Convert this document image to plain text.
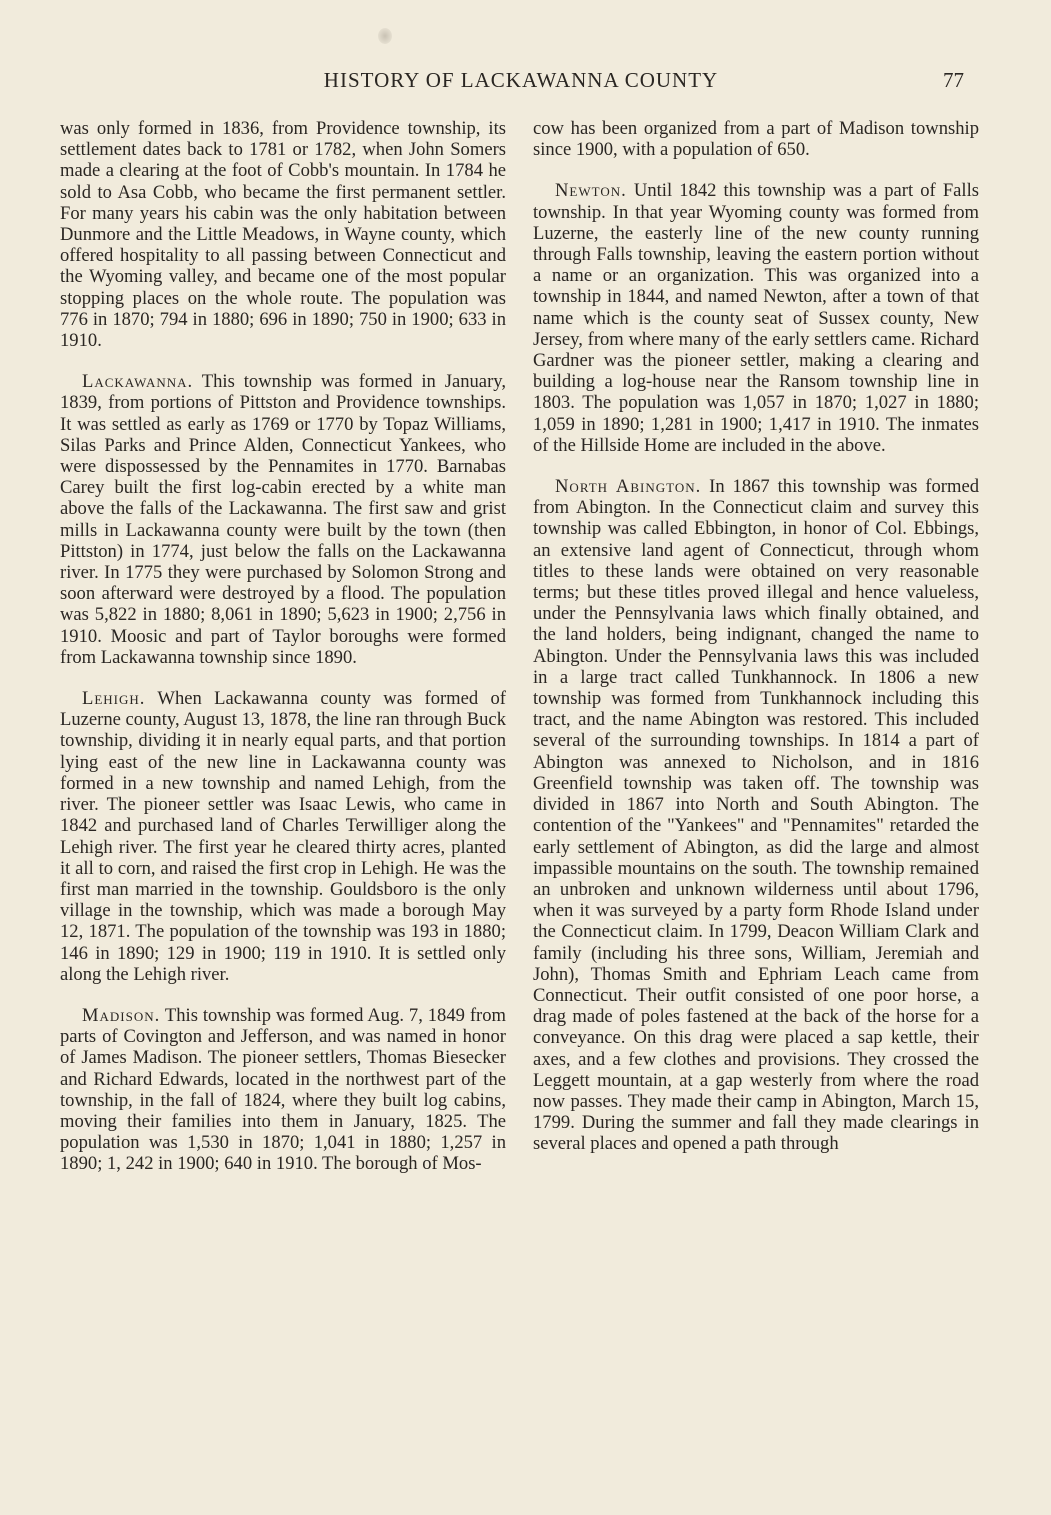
HISTORY OF LACKAWANNA COUNTY	77

was only formed in 1836, from Providence township, its settlement dates back to 1781 or 1782, when John Somers made a clearing at the foot of Cobb's mountain. In 1784 he sold to Asa Cobb, who became the first permanent settler. For many years his cabin was the only habitation between Dunmore and the Little Meadows, in Wayne county, which offered hospitality to all passing between Connecticut and the Wyoming valley, and became one of the most popular stopping places on the whole route. The population was 776 in 1870; 794 in 1880; 696 in 1890; 750 in 1900; 633 in 1910.

Lackawanna. This township was formed in January, 1839, from portions of Pittston and Providence townships. It was settled as early as 1769 or 1770 by Topaz Williams, Silas Parks and Prince Alden, Connecticut Yankees, who were dispossessed by the Pennamites in 1770. Barnabas Carey built the first log-cabin erected by a white man above the falls of the Lackawanna. The first saw and grist mills in Lackawanna county were built by the town (then Pittston) in 1774, just below the falls on the Lackawanna river. In 1775 they were purchased by Solomon Strong and soon afterward were destroyed by a flood. The population was 5,822 in 1880; 8,061 in 1890; 5,623 in 1900; 2,756 in 1910. Moosic and part of Taylor boroughs were formed from Lackawanna township since 1890.

Lehigh. When Lackawanna county was formed of Luzerne county, August 13, 1878, the line ran through Buck township, dividing it in nearly equal parts, and that portion lying east of the new line in Lackawanna county was formed in a new township and named Lehigh, from the river. The pioneer settler was Isaac Lewis, who came in 1842 and purchased land of Charles Terwilliger along the Lehigh river. The first year he cleared thirty acres, planted it all to corn, and raised the first crop in Lehigh. He was the first man married in the township. Gouldsboro is the only village in the township, which was made a borough May 12, 1871. The population of the township was 193 in 1880; 146 in 1890; 129 in 1900; 119 in 1910. It is settled only along the Lehigh river.

Madison. This township was formed Aug. 7, 1849 from parts of Covington and Jefferson, and was named in honor of James Madison. The pioneer settlers, Thomas Biesecker and Richard Edwards, located in the northwest part of the township, in the fall of 1824, where they built log cabins, moving their families into them in January, 1825. The population was 1,530 in 1870; 1,041 in 1880; 1,257 in 1890; 1, 242 in 1900; 640 in 1910. The borough of Mos-

cow has been organized from a part of Madison township since 1900, with a population of 650.

Newton. Until 1842 this township was a part of Falls township. In that year Wyoming county was formed from Luzerne, the easterly line of the new county running through Falls township, leaving the eastern portion without a name or an organization. This was organized into a township in 1844, and named Newton, after a town of that name which is the county seat of Sussex county, New Jersey, from where many of the early settlers came. Richard Gardner was the pioneer settler, making a clearing and building a log-house near the Ransom township line in 1803. The population was 1,057 in 1870; 1,027 in 1880; 1,059 in 1890; 1,281 in 1900; 1,417 in 1910. The inmates of the Hillside Home are included in the above.

North Abington. In 1867 this township was formed from Abington. In the Connecticut claim and survey this township was called Ebbington, in honor of Col. Ebbings, an extensive land agent of Connecticut, through whom titles to these lands were obtained on very reasonable terms; but these titles proved illegal and hence valueless, under the Pennsylvania laws which finally obtained, and the land holders, being indignant, changed the name to Abington. Under the Pennsylvania laws this was included in a large tract called Tunkhannock. In 1806 a new township was formed from Tunkhannock including this tract, and the name Abington was restored. This included several of the surrounding townships. In 1814 a part of Abington was annexed to Nicholson, and in 1816 Greenfield township was taken off. The township was divided in 1867 into North and South Abington. The contention of the "Yankees" and "Pennamites" retarded the early settlement of Abington, as did the large and almost impassible mountains on the south. The township remained an unbroken and unknown wilderness until about 1796, when it was surveyed by a party form Rhode Island under the Connecticut claim. In 1799, Deacon William Clark and family (including his three sons, William, Jeremiah and John), Thomas Smith and Ephriam Leach came from Connecticut. Their outfit consisted of one poor horse, a drag made of poles fastened at the back of the horse for a conveyance. On this drag were placed a sap kettle, their axes, and a few clothes and provisions. They crossed the Leggett mountain, at a gap westerly from where the road now passes. They made their camp in Abington, March 15, 1799. During the summer and fall they made clearings in several places and opened a path through
